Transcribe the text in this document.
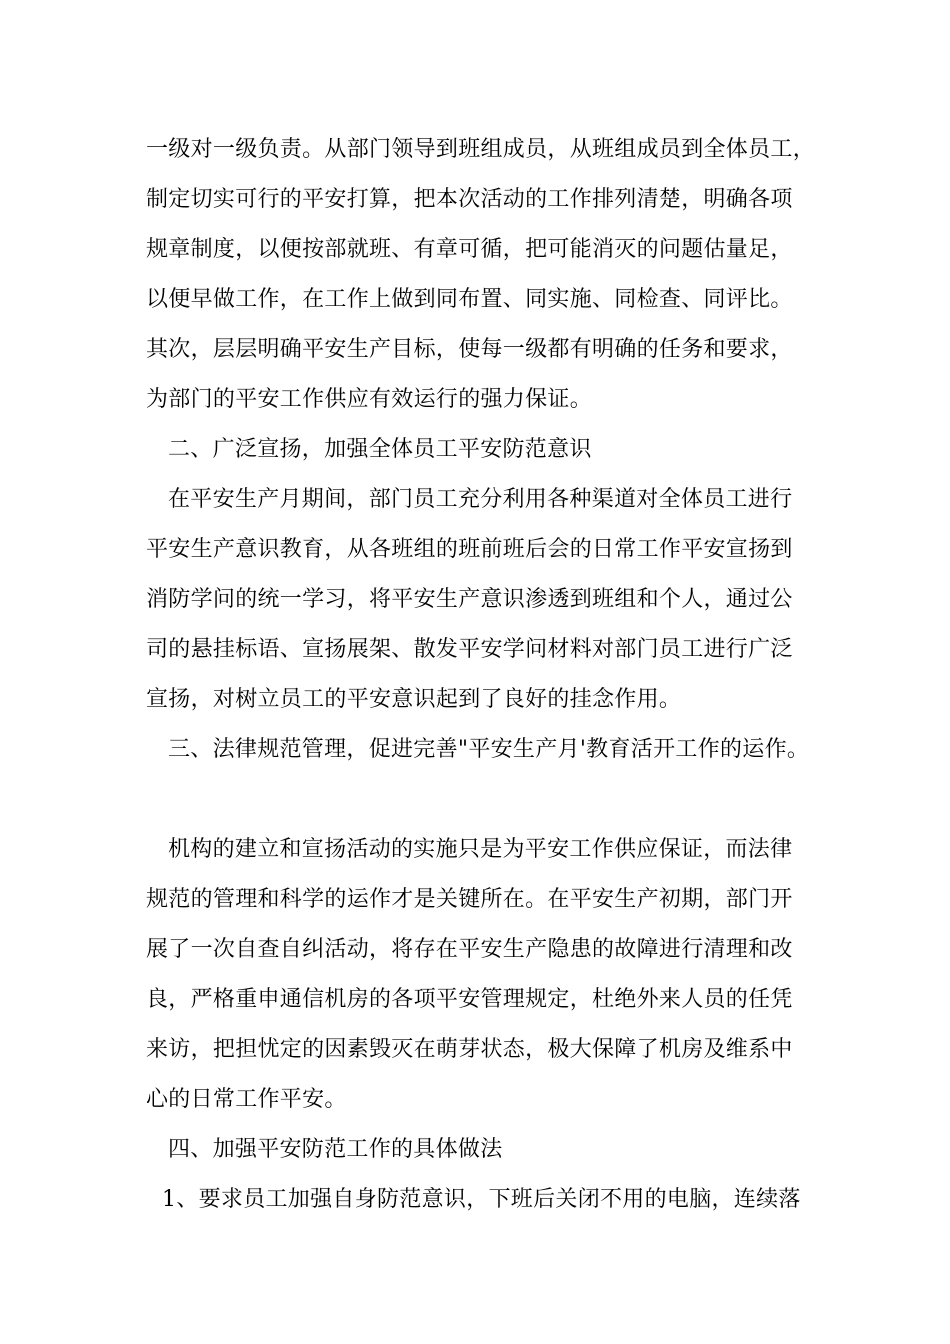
一级对一级负责。从部门领导到班组成员，从班组成员到全体员工，
制定切实可行的平安打算，把本次活动的工作排列清楚，明确各项
规章制度，以便按部就班、有章可循，把可能消灭的问题估量足，
以便早做工作，在工作上做到同布置、同实施、同检查、同评比。
其次，层层明确平安生产目标，使每一级都有明确的任务和要求，
为部门的平安工作供应有效运行的强力保证。
二、广泛宣扬，加强全体员工平安防范意识
在平安生产月期间，部门员工充分利用各种渠道对全体员工进行
平安生产意识教育，从各班组的班前班后会的日常工作平安宣扬到
消防学问的统一学习，将平安生产意识渗透到班组和个人，通过公
司的悬挂标语、宣扬展架、散发平安学问材料对部门员工进行广泛
宣扬，对树立员工的平安意识起到了良好的挂念作用。
三、法律规范管理，促进完善"平安生产月'教育活开工作的运作。
机构的建立和宣扬活动的实施只是为平安工作供应保证，而法律
规范的管理和科学的运作才是关键所在。在平安生产初期，部门开
展了一次自查自纠活动，将存在平安生产隐患的故障进行清理和改
良，严格重申通信机房的各项平安管理规定，杜绝外来人员的任凭
来访，把担忧定的因素毁灭在萌芽状态，极大保障了机房及维系中
心的日常工作平安。
四、加强平安防范工作的具体做法
1、要求员工加强自身防范意识，下班后关闭不用的电脑，连续落
